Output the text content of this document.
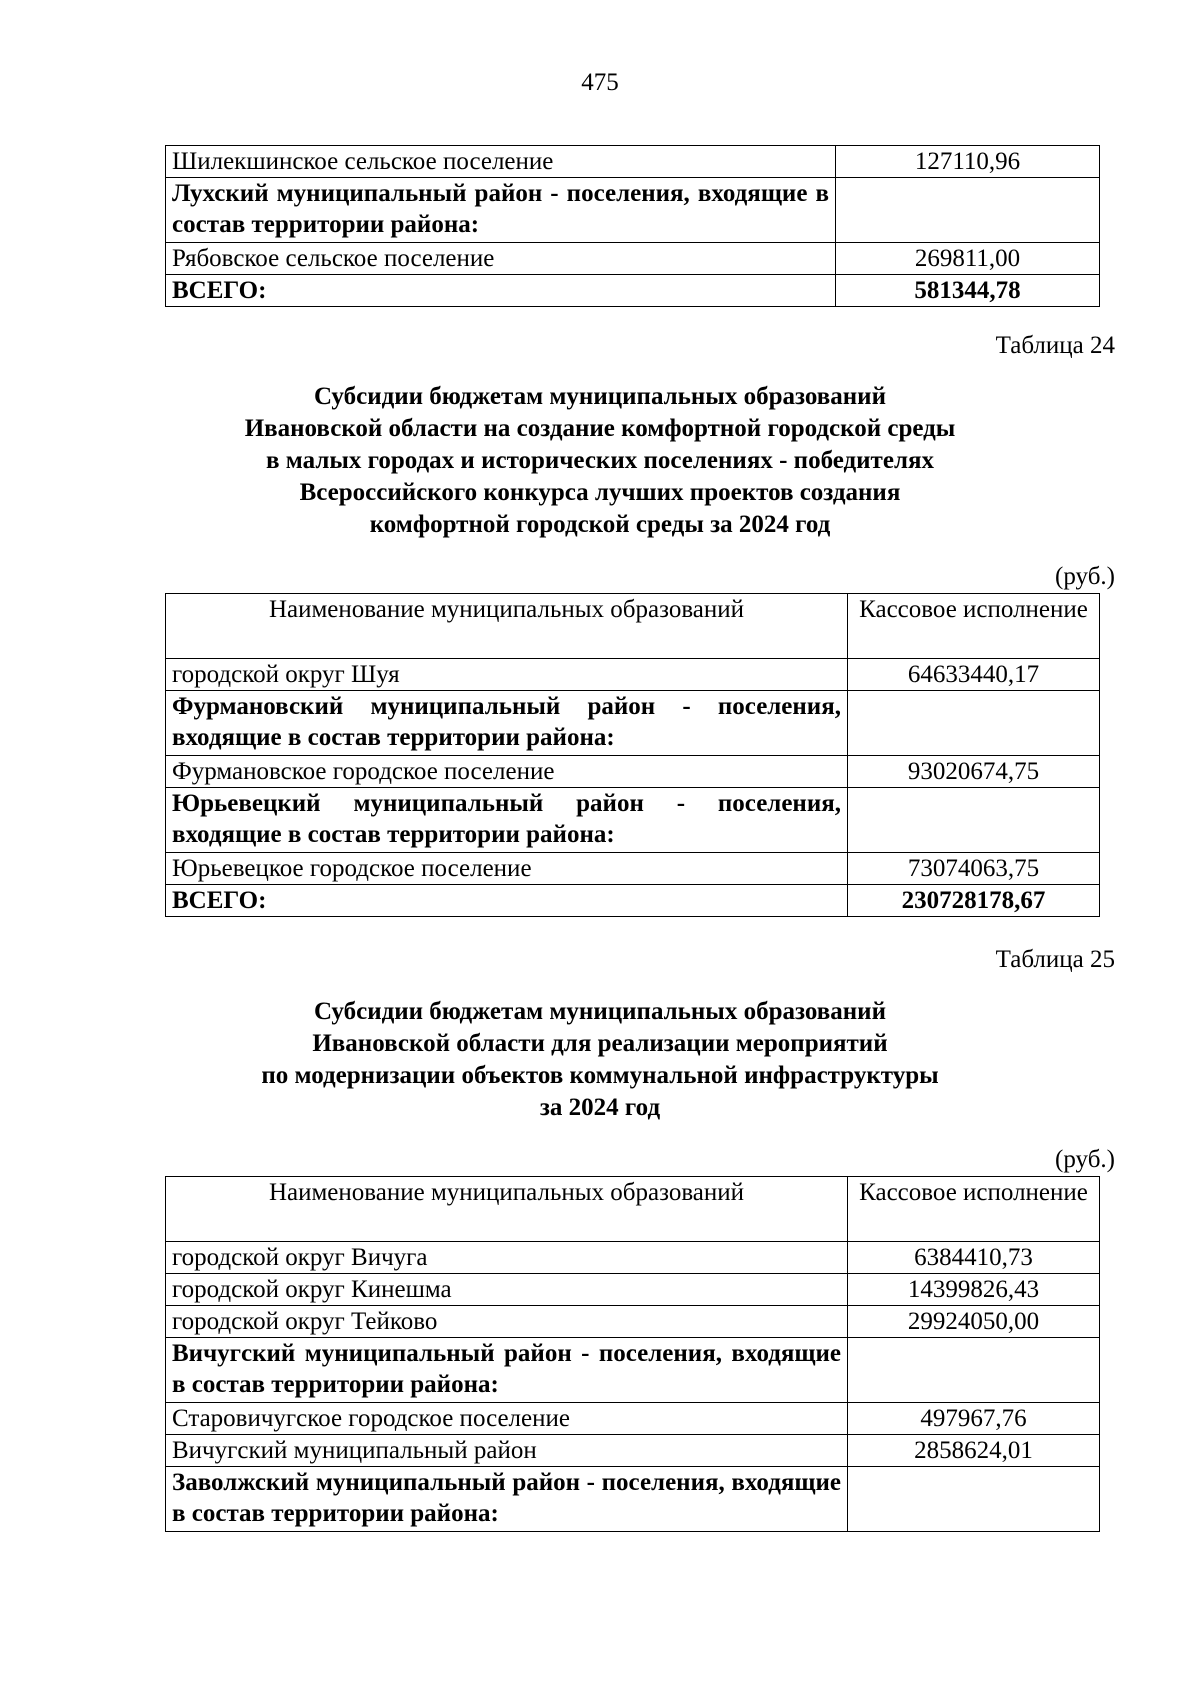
475
Шилекшинское сельское поселение	127110,96
Лухский муниципальный район - поселения, входящие в состав территории района:	
Рябовское сельское поселение	269811,00
ВСЕГО:	581344,78
Таблица 24
Субсидии бюджетам муниципальных образований
Ивановской области на создание комфортной городской среды
в малых городах и исторических поселениях - победителях
Всероссийского конкурса лучших проектов создания
комфортной городской среды за 2024 год
(руб.)
Наименование муниципальных образований	Кассовое исполнение
городской округ Шуя	64633440,17
Фурмановский муниципальный район - поселения, входящие в состав территории района:	
Фурмановское городское поселение	93020674,75
Юрьевецкий муниципальный район - поселения, входящие в состав территории района:	
Юрьевецкое городское поселение	73074063,75
ВСЕГО:	230728178,67
Таблица 25
Субсидии бюджетам муниципальных образований
Ивановской области для реализации мероприятий
по модернизации объектов коммунальной инфраструктуры
за 2024 год
(руб.)
Наименование муниципальных образований	Кассовое исполнение
городской округ Вичуга	6384410,73
городской округ Кинешма	14399826,43
городской округ Тейково	29924050,00
Вичугский муниципальный район - поселения, входящие в состав территории района:	
Старовичугское городское поселение	497967,76
Вичугский муниципальный район	2858624,01
Заволжский муниципальный район - поселения, входящие в состав территории района:	
